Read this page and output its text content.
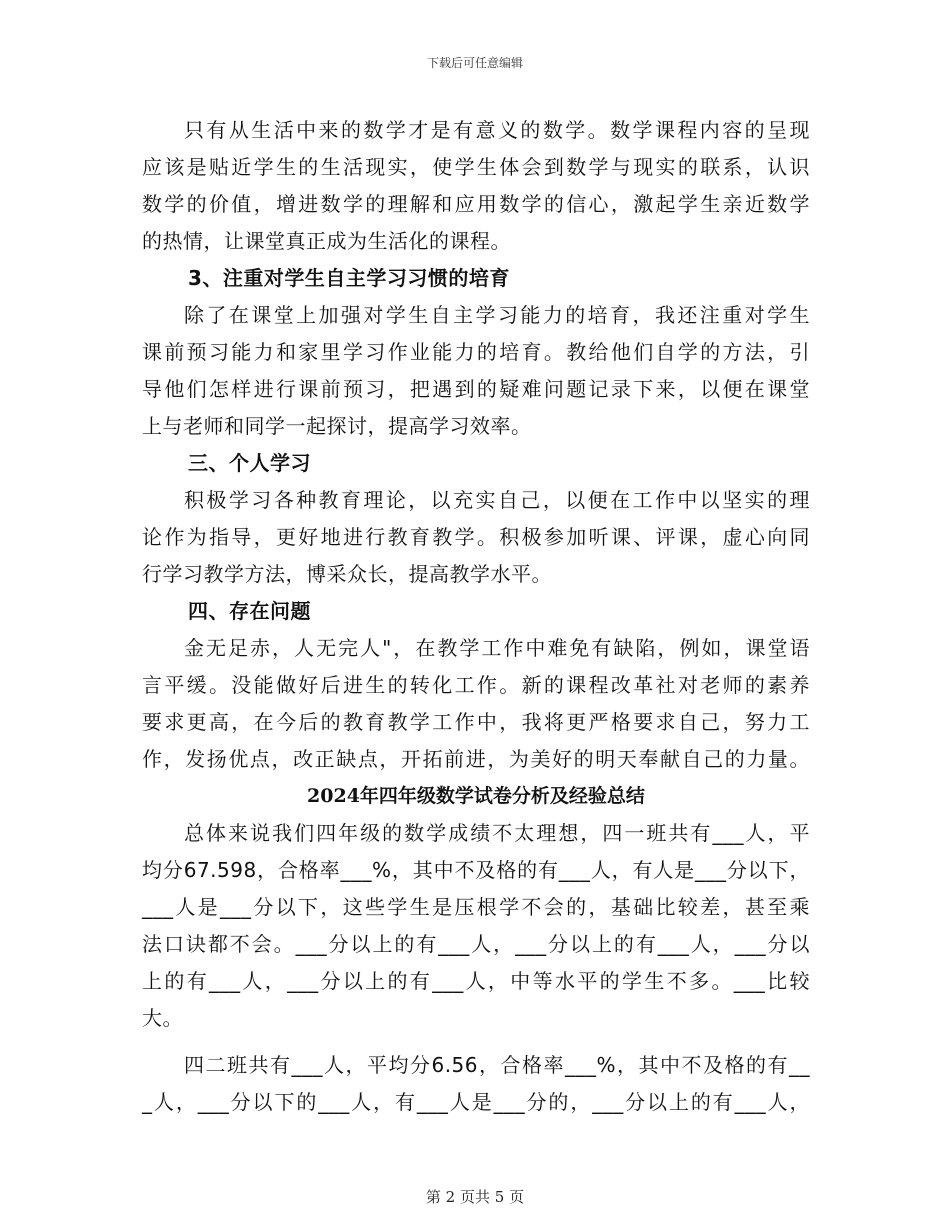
下载后可任意编辑
只有从生活中来的数学才是有意义的数学。数学课程内容的呈现
应该是贴近学生的生活现实，使学生体会到数学与现实的联系，认识
数学的价值，增进数学的理解和应用数学的信心，激起学生亲近数学
的热情，让课堂真正成为生活化的课程。
3、注重对学生自主学习习惯的培育
除了在课堂上加强对学生自主学习能力的培育，我还注重对学生
课前预习能力和家里学习作业能力的培育。教给他们自学的方法，引
导他们怎样进行课前预习，把遇到的疑难问题记录下来，以便在课堂
上与老师和同学一起探讨，提高学习效率。
三、个人学习
积极学习各种教育理论，以充实自己，以便在工作中以坚实的理
论作为指导，更好地进行教育教学。积极参加听课、评课，虚心向同
行学习教学方法，博采众长，提高教学水平。
四、存在问题
金无足赤，人无完人"，在教学工作中难免有缺陷，例如，课堂语
言平缓。没能做好后进生的转化工作。新的课程改革社对老师的素养
要求更高，在今后的教育教学工作中，我将更严格要求自己，努力工
作，发扬优点，改正缺点，开拓前进，为美好的明天奉献自己的力量。
2024年四年级数学试卷分析及经验总结
总体来说我们四年级的数学成绩不太理想，四一班共有___人，平
均分67.598，合格率___%，其中不及格的有___人，有人是___分以下，
___人是___分以下，这些学生是压根学不会的，基础比较差，甚至乘
法口诀都不会。___分以上的有___人，___分以上的有___人，___分以
上的有___人，___分以上的有___人，中等水平的学生不多。___比较
大。
四二班共有___人，平均分6.56，合格率___%，其中不及格的有__
_人，___分以下的___人，有___人是___分的，___分以上的有___人，
第 2 页共 5 页
